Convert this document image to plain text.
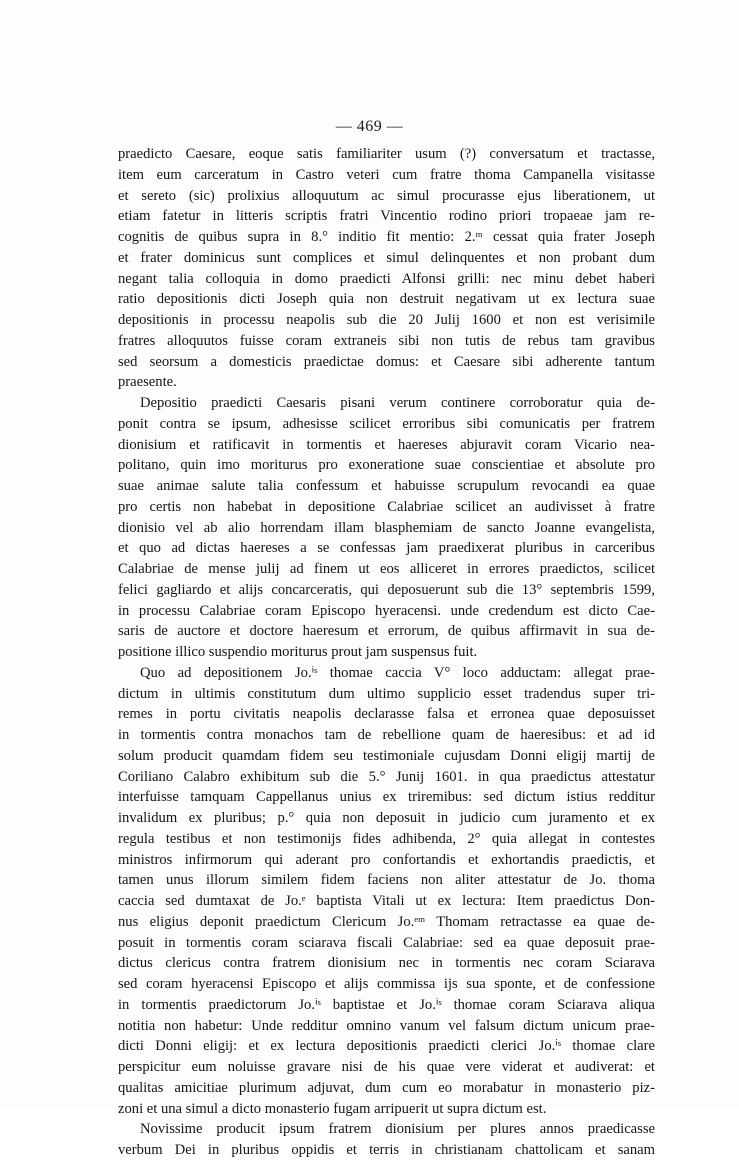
— 469 —
praedicto Caesare, eoque satis familiariter usum (?) conversatum et tractasse,
item eum carceratum in Castro veteri cum fratre thoma Campanella visitasse
et sereto (sic) prolixius alloquutum ac simul procurasse ejus liberationem, ut
etiam fatetur in litteris scriptis fratri Vincentio rodino priori tropaeae jam re-
cognitis de quibus supra in 8.° inditio fit mentio: 2.ᵐ cessat quia frater Joseph
et frater dominicus sunt complices et simul delinquentes et non probant dum
negant talia colloquia in domo praedicti Alfonsi grilli: nec minu debet haberi
ratio depositionis dicti Joseph quia non destruit negativam ut ex lectura suae
depositionis in processu neapolis sub die 20 Julij 1600 et non est verisimile
fratres alloquutos fuisse coram extraneis sibi non tutis de rebus tam gravibus
sed seorsum a domesticis praedictae domus: et Caesare sibi adherente tantum
praesente.
Depositio praedicti Caesaris pisani verum continere corroboratur quia de-
ponit contra se ipsum, adhesisse scilicet erroribus sibi comunicatis per fratrem
dionisium et ratificavit in tormentis et haereses abjuravit coram Vicario nea-
politano, quin imo moriturus pro exoneratione suae conscientiae et absolute pro
suae animae salute talia confessum et habuisse scrupulum revocandi ea quae
pro certis non habebat in depositione Calabriae scilicet an audivisset à fratre
dionisio vel ab alio horrendam illam blasphemiam de sancto Joanne evangelista,
et quo ad dictas haereses a se confessas jam praedixerat pluribus in carceribus
Calabriae de mense julij ad finem ut eos alliceret in errores praedictos, scilicet
felici gagliardo et alijs concarceratis, qui deposuerunt sub die 13° septembris 1599,
in processu Calabriae coram Episcopo hyeracensi. unde credendum est dicto Cae-
saris de auctore et doctore haeresum et errorum, de quibus affirmavit in sua de-
positione illico suspendio moriturus prout jam suspensus fuit.
Quo ad depositionem Jo.ⁱˢ thomae caccia V° loco adductam: allegat prae-
dictum in ultimis constitutum dum ultimo supplicio esset tradendus super tri-
remes in portu civitatis neapolis declarasse falsa et erronea quae deposuisset
in tormentis contra monachos tam de rebellione quam de haeresibus: et ad id
solum producit quamdam fidem seu testimoniale cujusdam Donni eligij martij de
Coriliano Calabro exhibitum sub die 5.° Junij 1601. in qua praedictus attestatur
interfuisse tamquam Cappellanus unius ex triremibus: sed dictum istius redditur
invalidum ex pluribus; p.° quia non deposuit in judicio cum juramento et ex
regula testibus et non testimonijs fides adhibenda, 2° quia allegat in contestes
ministros infirmorum qui aderant pro confortandis et exhortandis praedictis, et
tamen unus illorum similem fidem faciens non aliter attestatur de Jo. thoma
caccia sed dumtaxat de Jo.ᵉ baptista Vitali ut ex lectura: Item praedictus Don-
nus eligius deponit praedictum Clericum Jo.ᵉᵐ Thomam retractasse ea quae de-
posuit in tormentis coram sciarava fiscali Calabriae: sed ea quae deposuit prae-
dictus clericus contra fratrem dionisium nec in tormentis nec coram Sciarava
sed coram hyeracensi Episcopo et alijs commissa ijs sua sponte, et de confessione
in tormentis praedictorum Jo.ⁱˢ baptistae et Jo.ⁱˢ thomae coram Sciarava aliqua
notitia non habetur: Unde redditur omnino vanum vel falsum dictum unicum prae-
dicti Donni eligij: et ex lectura depositionis praedicti clerici Jo.ⁱˢ thomae clare
perspicitur eum noluisse gravare nisi de his quae vere viderat et audiverat: et
qualitas amicitiae plurimum adjuvat, dum cum eo morabatur in monasterio piz-
zoni et una simul a dicto monasterio fugam arripuerit ut supra dictum est.
Novissime producit ipsum fratrem dionisium per plures annos praedicasse
verbum Dei in pluribus oppidis et terris in christianam chattolicam et sanam
